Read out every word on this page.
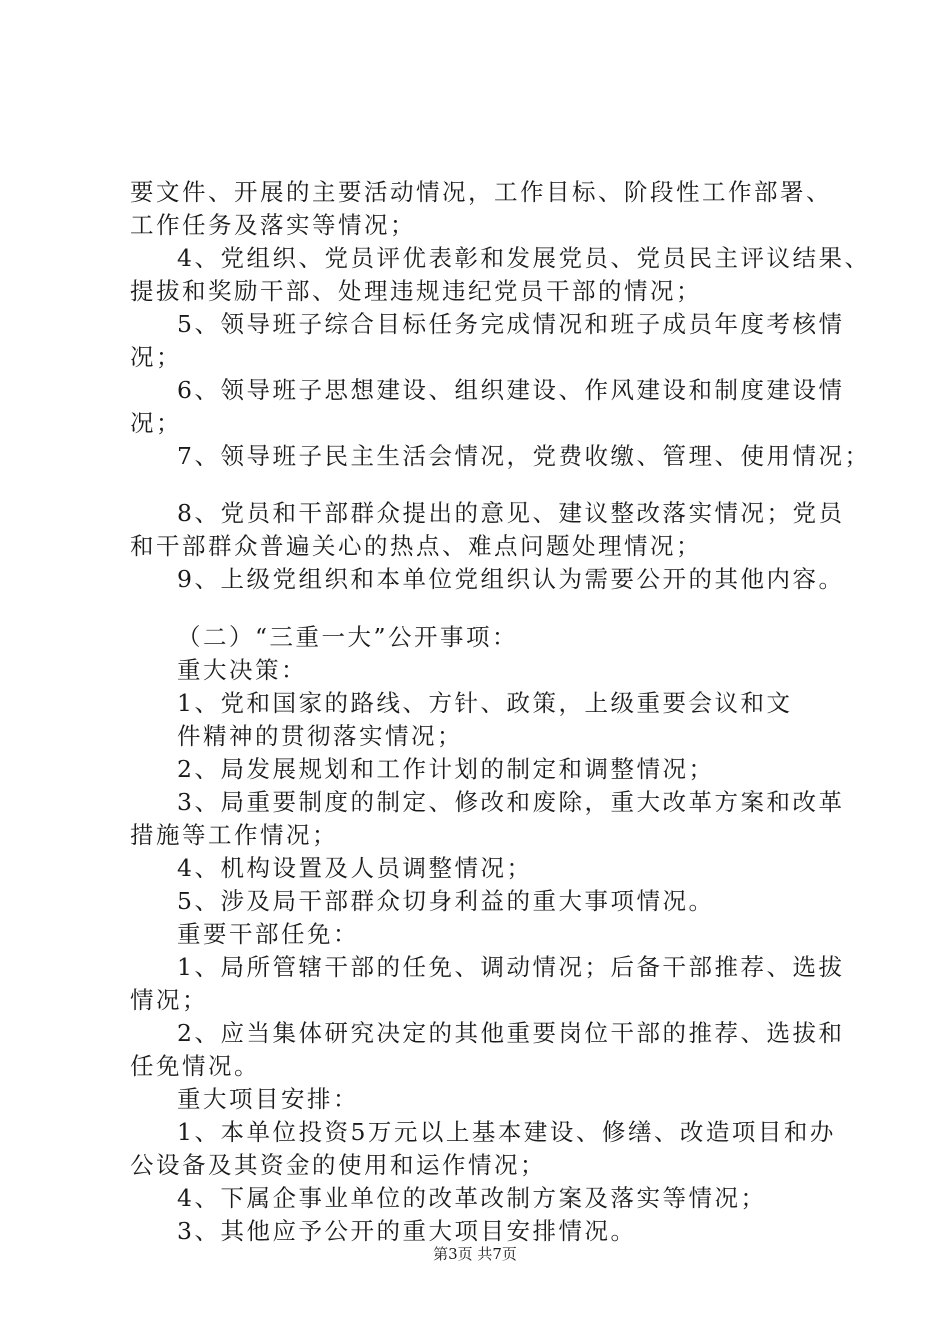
要文件、开展的主要活动情况，工作目标、阶段性工作部署、
工作任务及落实等情况；
4、党组织、党员评优表彰和发展党员、党员民主评议结果、
提拔和奖励干部、处理违规违纪党员干部的情况；
5、领导班子综合目标任务完成情况和班子成员年度考核情
况；
6、领导班子思想建设、组织建设、作风建设和制度建设情
况；
7、领导班子民主生活会情况，党费收缴、管理、使用情况；
8、党员和干部群众提出的意见、建议整改落实情况；党员
和干部群众普遍关心的热点、难点问题处理情况；
9、上级党组织和本单位党组织认为需要公开的其他内容。
（二）“三重一大”公开事项：
重大决策：
1、党和国家的路线、方针、政策，上级重要会议和文
件精神的贯彻落实情况；
2、局发展规划和工作计划的制定和调整情况；
3、局重要制度的制定、修改和废除，重大改革方案和改革
措施等工作情况；
4、机构设置及人员调整情况；
5、涉及局干部群众切身利益的重大事项情况。
重要干部任免：
1、局所管辖干部的任免、调动情况；后备干部推荐、选拔
情况；
2、应当集体研究决定的其他重要岗位干部的推荐、选拔和
任免情况。
重大项目安排：
1、本单位投资5万元以上基本建设、修缮、改造项目和办
公设备及其资金的使用和运作情况；
4、下属企事业单位的改革改制方案及落实等情况；
3、其他应予公开的重大项目安排情况。
第3页 共7页
